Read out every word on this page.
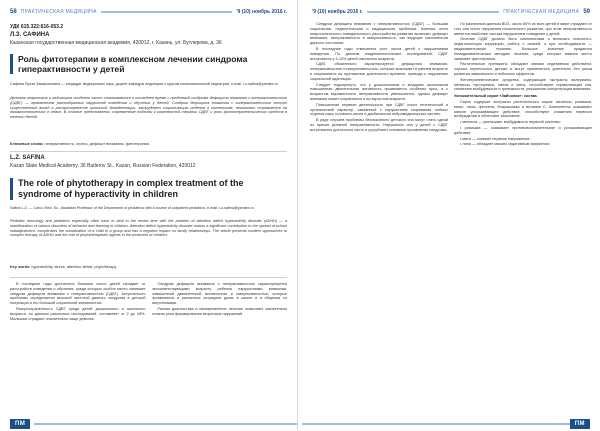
58 ПРАКТИЧЕСКАЯ МЕДИЦИНА	'9 (10) ноябрь 2016 г.
УДК 615.322:616-053.2
Л.З. САФИНА
Казанская государственная медицинская академия, 420012, г. Казань, ул. Бутлерова, д. 36
Роль фитотерапии в комплексном лечении синдрома гиперактивности у детей
Сафина Луиза Закирьяновна — кандидат медицинских наук, доцент кафедры педиатрии с курсом поликлинической педиатрии, e-mail: l-z-safina@yandex.ru
Детская неврология и педиатрия особенно часто сталкиваются в последнее время с проблемой синдрома дефицита внимания с гиперактивностью (СДВГ) — проявлением разнообразных нарушений поведения и обучения у детей. Синдром дефицита внимания с гиперактивностью вносит существенный вклад в распространение школьной дезадаптации, затрудняет социализацию ребенка в коллективе, негативно отражается на взаимоотношениях в семье. В статье представлены современные подходы к комплексной терапии СДВГ и роль фитотерапевтических средств в лечении детей.
Ключевые слова: гиперактивность, стресс, дефицит внимания, фитотерапия.
L.Z. SAFINA
Kazan State Medical Academy, 36 Butlerov St., Kazan, Russian Federation, 420012
The role of phytotherapy in complex treatment of the syndrome of hyperactivity in children
Safina L.Z. — Cand. Med. Sc., Assistant Professor of the Department of pediatrics with a course of outpatient pediatrics, e-mail: l-z-safina@yandex.ru
Pediatric neurology and pediatrics especially often have to deal in the recent time with the problem of attention deficit hyperactivity disorder (ADHD) — a manifestation of various disorders of behavior and learning in children. Attention deficit hyperactivity disorder makes a significant contribution to the spread of school maladjustment, complicates the socialization of a child in a group and has a negative impact on family relationships. The article presents modern approaches to complex therapy of ADHD and the role of phytotherapeutic agents in the treatment of children.
Key words: hyperactivity, stress, attention deficit, phytotherapy.

В последние годы достаточно большое число детей страдает от расстройств поведения и обучения, среди которых особое место занимает синдром дефицита внимания с гиперактивностью (СДВГ). Актуальность проблемы определяется высокой частотой данного синдрома в детской популяции и его большой социальной значимостью.

Распространенность СДВГ среди детей дошкольного и школьного возраста, по данным различных исследований, составляет от 2 до 18%. Мальчики страдают значительно чаще девочек.

Синдром дефицита внимания с гиперактивностью характеризуется несоответствующими возрасту ребенка нарушениями внимания, повышенной двигательной активностью и импульсивностью, которые проявляются в различных ситуациях дома, в школе и в общении со сверстниками.

Ранняя диагностика и своевременное лечение позволяют значительно снизить риск формирования вторичных нарушений.

ПМ
'9 (10) ноябрь 2016 г.	ПРАКТИЧЕСКАЯ МЕДИЦИНА 59

Синдром дефицита внимания с гиперактивностью (СДВГ) — большая социальная, педагогическая и медицинская проблема. Клиника этого неврологического поведенческого расстройства развития включает дефицит внимания, гиперактивность и импульсивность, как ведущих компонентов данного состояния.

В последние годы отмечается рост числа детей с нарушениями поведения. По данным эпидемиологических исследований, СДВГ встречается у 4-10% детей школьного возраста.

СДВГ, обязательно характеризуется дефицитом внимания, гиперактивностью и импульсивностью, которые возникают в раннем возрасте и сохраняются на протяжении длительного времени, приводя к нарушению социальной адаптации.

Следует подчеркнуть, что у дошкольников и младших школьников повышенная двигательная активность проявляется особенно ярко, а с возрастом выраженность гиперактивности уменьшается, однако дефицит внимания может сохраняться и во взрослом возрасте.

Повышенная нервная деятельность при СДВГ носит генетический и органический характер, связанный с нарушением созревания лобных отделов коры головного мозга и дисбалансом нейромедиаторных систем.

В ряде случаев проблемы беспокойного детского сна могут стать одной из причин дневной гиперактивности. Нарушения сна у детей с СДВГ встречаются достаточно часто и усугубляют основные проявления синдрома.

По различным данным ВОЗ, около 80% из всех детей в мире страдают от того или иного нарушения психического развития, при этом гиперактивность является наиболее частым нарушением поведения у детей.

Лечение СДВГ должно быть комплексным и включать психолого-педагогическую коррекцию, работу с семьей, а при необходимости — медикаментозную терапию. Большое значение придается немедикаментозным методам лечения, среди которых важное место занимает фитотерапия.

Растительные препараты обладают мягким седативным действием, хорошо переносятся детьми и могут применяться длительно без риска развития зависимости и побочных эффектов.

Фитотерапевтические средства, содержащие экстракты валерианы, мелиссы, пустырника, хмеля и мяты, способствуют нормализации сна, снижению возбудимости и тревожности, улучшению концентрации внимания.

Успокоительный сироп «Зайчонок»: состав.

Сироп содержит экстракты растительного сырья: мелиссы, ромашки, мяты, липы, фенхеля, боярышника и витамин С. Компоненты оказывают мягкое успокаивающее действие, способствуют снижению нервного возбуждения и облегчают засыпание.

• мелисса — уменьшает возбудимость нервной системы;

• ромашка — оказывает противовоспалительное и успокаивающее действие;

• мята — снимает нервное напряжение;

• липа — обладает мягким седативным эффектом.

ПМ
